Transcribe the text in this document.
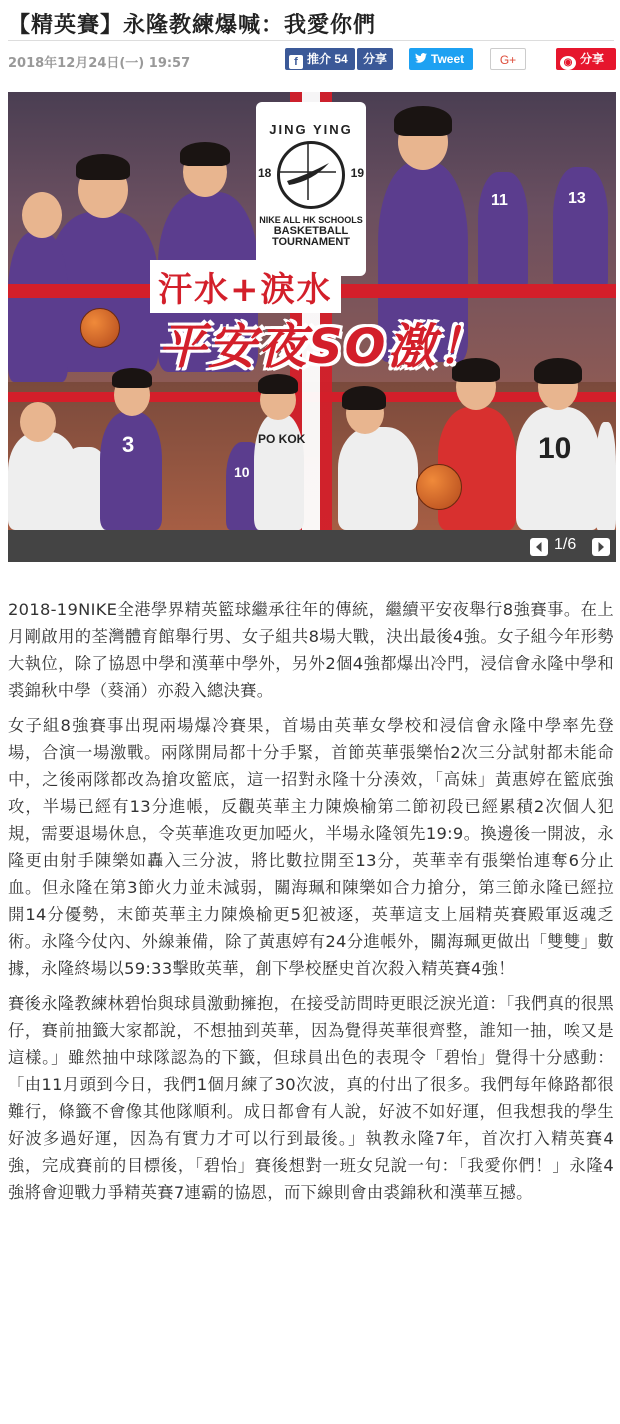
【精英賽】永隆教練爆喊：我愛你們
2018年12月24日(一) 19:57	f 推介 54	分享	Tweet	G+	◉ 分享
11	13
3
10
PO KOK	10
JING YING
18	19
NIKE ALL HK SCHOOLS
BASKETBALL
TOURNAMENT
汗水+淚水
平安夜SO激！
1/6

2018-19NIKE全港學界精英籃球繼承往年的傳統，繼續平安夜舉行8強賽事。在上月剛啟用的荃灣體育館舉行男、女子組共8場大戰，決出最後4強。女子組今年形勢大執位，除了協恩中學和漢華中學外，另外2個4強都爆出冷門，浸信會永隆中學和裘錦秋中學（葵涌）亦殺入總決賽。

女子組8強賽事出現兩場爆冷賽果，首場由英華女學校和浸信會永隆中學率先登場，合演一場激戰。兩隊開局都十分手緊，首節英華張樂怡2次三分試射都未能命中，之後兩隊都改為搶攻籃底，這一招對永隆十分湊效，「高妹」黃惠婷在籃底強攻，半場已經有13分進帳，反觀英華主力陳煥榆第二節初段已經累積2次個人犯規，需要退場休息，令英華進攻更加啞火，半場永隆領先19:9。換邊後一開波，永隆更由射手陳樂如轟入三分波，將比數拉開至13分，英華幸有張樂怡連奪6分止血。但永隆在第3節火力並未減弱，關海珮和陳樂如合力搶分，第三節永隆已經拉開14分優勢，末節英華主力陳煥榆更5犯被逐，英華這支上屆精英賽殿軍返魂乏術。永隆今仗內、外線兼備，除了黃惠婷有24分進帳外，關海珮更做出「雙雙」數據，永隆終場以59:33擊敗英華，創下學校歷史首次殺入精英賽4強！

賽後永隆教練林碧怡與球員激動擁抱，在接受訪問時更眼泛淚光道：「我們真的很黑仔，賽前抽籤大家都說，不想抽到英華，因為覺得英華很齊整，誰知一抽，唉又是這樣。」雖然抽中球隊認為的下籤，但球員出色的表現令「碧怡」覺得十分感動：「由11月頭到今日，我們1個月練了30次波，真的付出了很多。我們每年條路都很難行，條籤不會像其他隊順利。成日都會有人說，好波不如好運，但我想我的學生好波多過好運，因為有實力才可以行到最後。」執教永隆7年，首次打入精英賽4強，完成賽前的目標後，「碧怡」賽後想對一班女兒說一句：「我愛你們！」永隆4強將會迎戰力爭精英賽7連霸的協恩，而下線則會由裘錦秋和漢華互撼。
